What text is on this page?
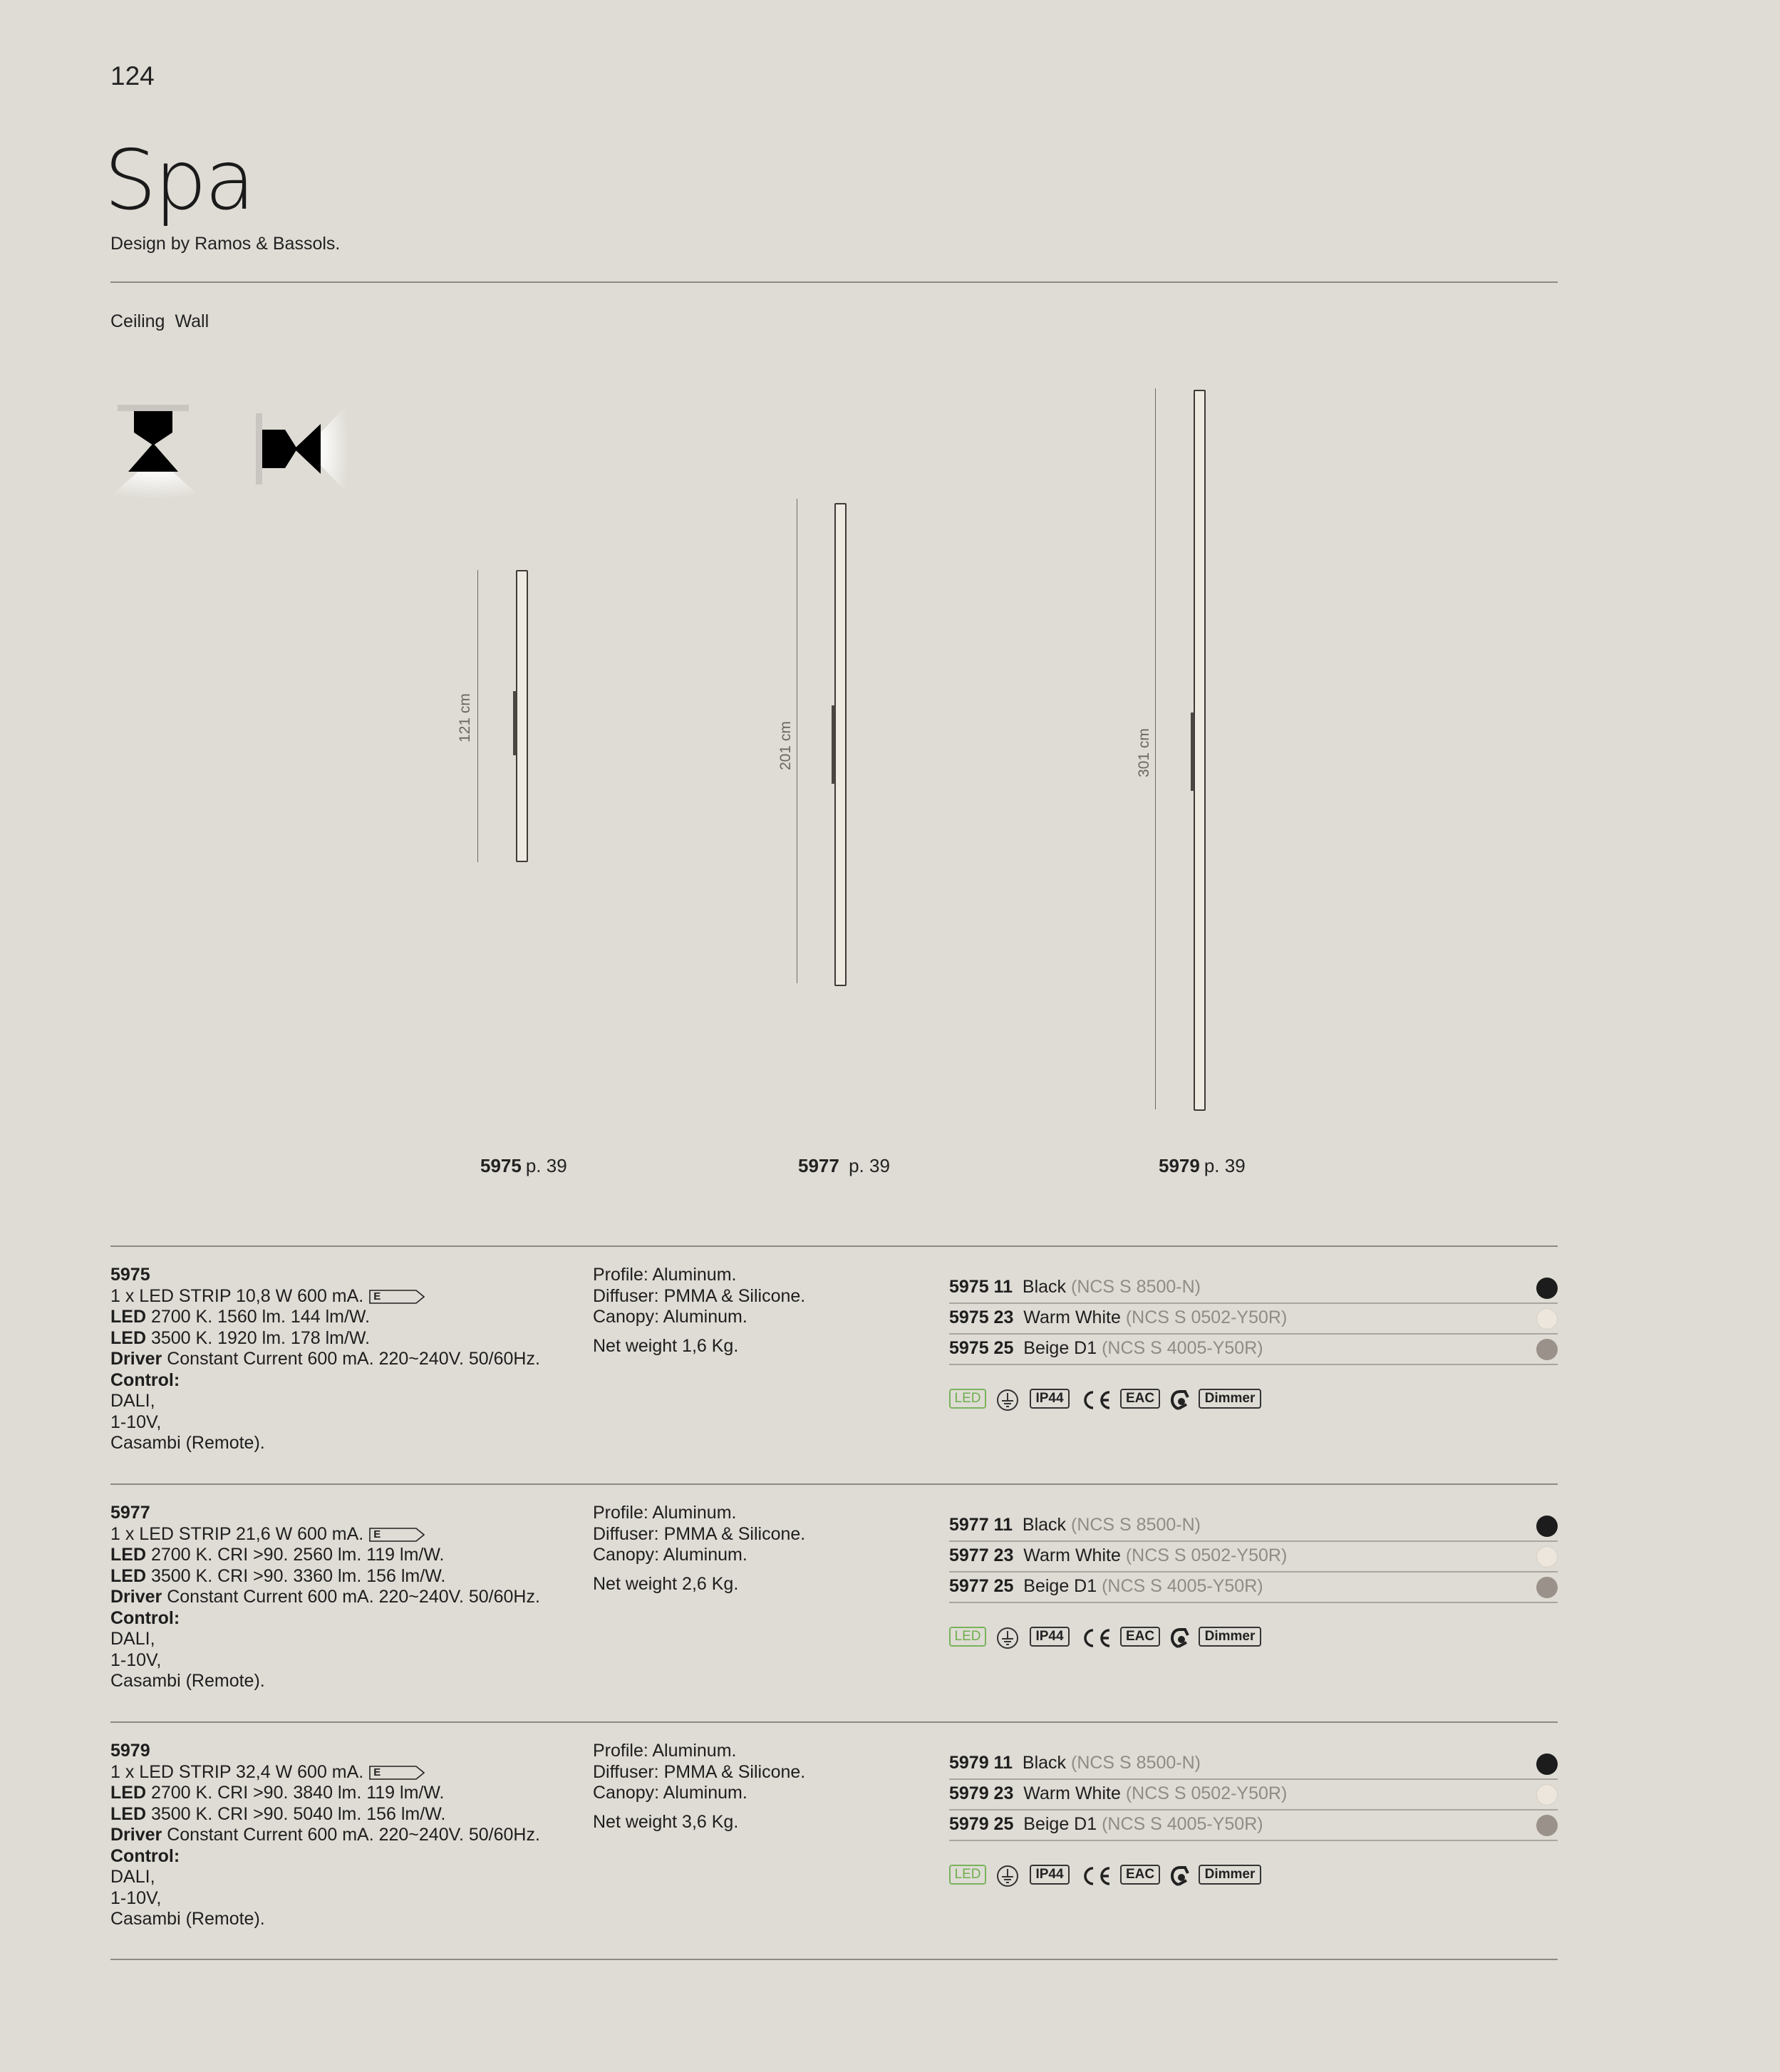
124
Spa
Design by Ramos & Bassols.
Ceiling Wall
121 cm
201 cm	301 cm
5975 p. 39	5977 p. 39	5979 p. 39
5975
1 x LED STRIP 10,8 W 600 mA. E
LED 2700 K. 1560 lm. 144 lm/W.
LED 3500 K. 1920 lm. 178 lm/W.
Driver Constant Current 600 mA. 220~240V. 50/60Hz.
Control:
DALI,
1-10V,
Casambi (Remote).
Profile: Aluminum.
Diffuser: PMMA & Silicone.
Canopy: Aluminum.
Net weight 1,6 Kg.
5975 11 Black (NCS S 8500-N)
5975 23 Warm White (NCS S 0502-Y50R)
5975 25 Beige D1 (NCS S 4005-Y50R)
LED	IP44	EAC	Dimmer
5977
1 x LED STRIP 21,6 W 600 mA. E
LED 2700 K. CRI >90. 2560 lm. 119 lm/W.
LED 3500 K. CRI >90. 3360 lm. 156 lm/W.
Driver Constant Current 600 mA. 220~240V. 50/60Hz.
Control:
DALI,
1-10V,
Casambi (Remote).
Profile: Aluminum.
Diffuser: PMMA & Silicone.
Canopy: Aluminum.
Net weight 2,6 Kg.
5977 11 Black (NCS S 8500-N)
5977 23 Warm White (NCS S 0502-Y50R)
5977 25 Beige D1 (NCS S 4005-Y50R)
LED	IP44	EAC	Dimmer
5979
1 x LED STRIP 32,4 W 600 mA. E
LED 2700 K. CRI >90. 3840 lm. 119 lm/W.
LED 3500 K. CRI >90. 5040 lm. 156 lm/W.
Driver Constant Current 600 mA. 220~240V. 50/60Hz.
Control:
DALI,
1-10V,
Casambi (Remote).
Profile: Aluminum.
Diffuser: PMMA & Silicone.
Canopy: Aluminum.
Net weight 3,6 Kg.
5979 11 Black (NCS S 8500-N)
5979 23 Warm White (NCS S 0502-Y50R)
5979 25 Beige D1 (NCS S 4005-Y50R)
LED	IP44	EAC	Dimmer
